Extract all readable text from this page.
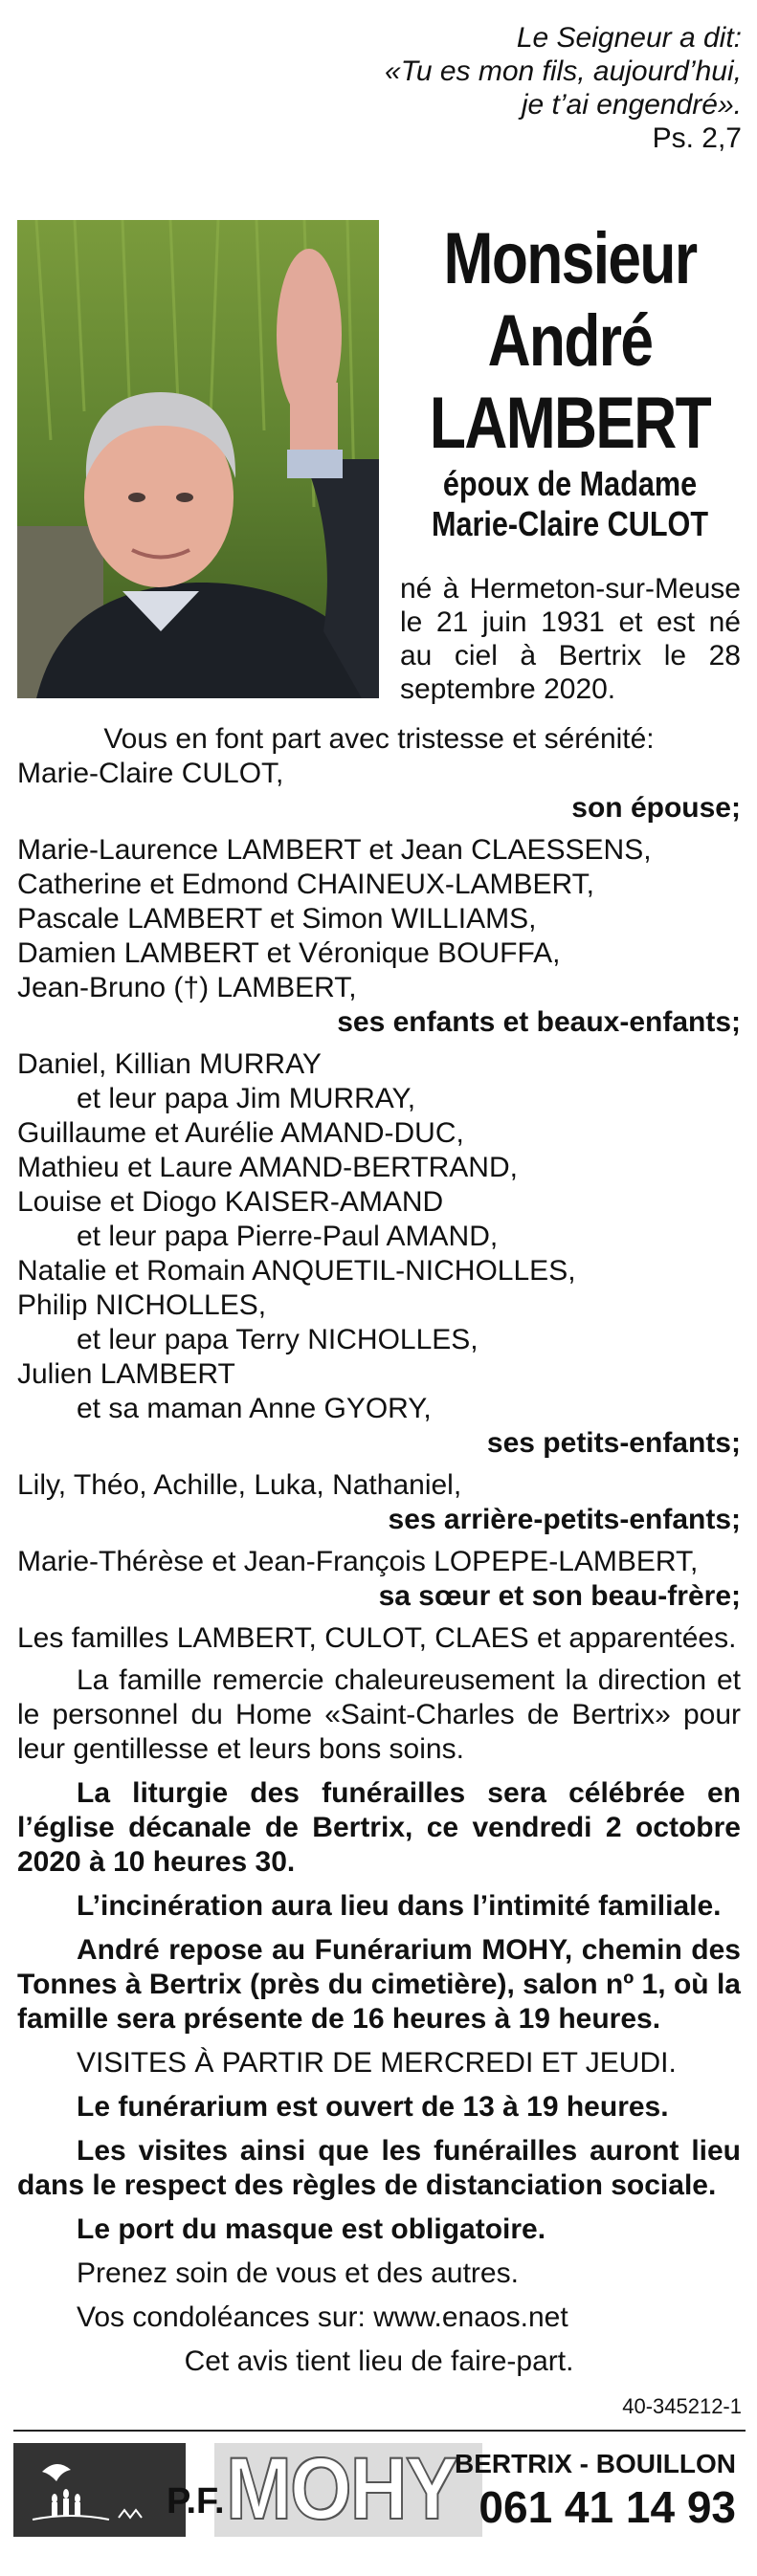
Le Seigneur a dit:
«Tu es mon fils, aujourd’hui,
je t’ai engendré».
Ps. 2,7
Monsieur
André
LAMBERT
époux de Madame
Marie-Claire CULOT
né à Hermeton-sur-Meuse le 21 juin 1931 et est né au ciel à Bertrix le 28 septembre 2020.

Vous en font part avec tristesse et sérénité:

Marie-Claire CULOT,

son épouse;

Marie-Laurence LAMBERT et Jean CLAESSENS,

Catherine et Edmond CHAINEUX-LAMBERT,

Pascale LAMBERT et Simon WILLIAMS,

Damien LAMBERT et Véronique BOUFFA,

Jean-Bruno (†) LAMBERT,

ses enfants et beaux-enfants;

Daniel, Killian MURRAY

et leur papa Jim MURRAY,

Guillaume et Aurélie AMAND-DUC,

Mathieu et Laure AMAND-BERTRAND,

Louise et Diogo KAISER-AMAND

et leur papa Pierre-Paul AMAND,

Natalie et Romain ANQUETIL-NICHOLLES,

Philip NICHOLLES,

et leur papa Terry NICHOLLES,

Julien LAMBERT

et sa maman Anne GYORY,

ses petits-enfants;

Lily, Théo, Achille, Luka, Nathaniel,

ses arrière-petits-enfants;

Marie-Thérèse et Jean-François LOPEPE-LAMBERT,

sa sœur et son beau-frère;

Les familles LAMBERT, CULOT, CLAES et apparentées.

La famille remercie chaleureusement la direction et le personnel du Home «Saint-Charles de Bertrix» pour leur gentillesse et leurs bons soins.

La liturgie des funérailles sera célébrée en l’église décanale de Bertrix, ce vendredi 2 octobre 2020 à 10 heures 30.

L’incinération aura lieu dans l’intimité familiale.

André repose au Funérarium MOHY, chemin des Tonnes à Bertrix (près du cimetière), salon nº 1, où la famille sera présente de 16 heures à 19 heures.

VISITES À PARTIR DE MERCREDI ET JEUDI.

Le funérarium est ouvert de 13 à 19 heures.

Les visites ainsi que les funérailles auront lieu dans le respect des règles de distanciation sociale.

Le port du masque est obligatoire.

Prenez soin de vous et des autres.

Vos condoléances sur: www.enaos.net

Cet avis tient lieu de faire-part.

40-345212-1
P.F. MOHY
BERTRIX - BOUILLON
061 41 14 93
